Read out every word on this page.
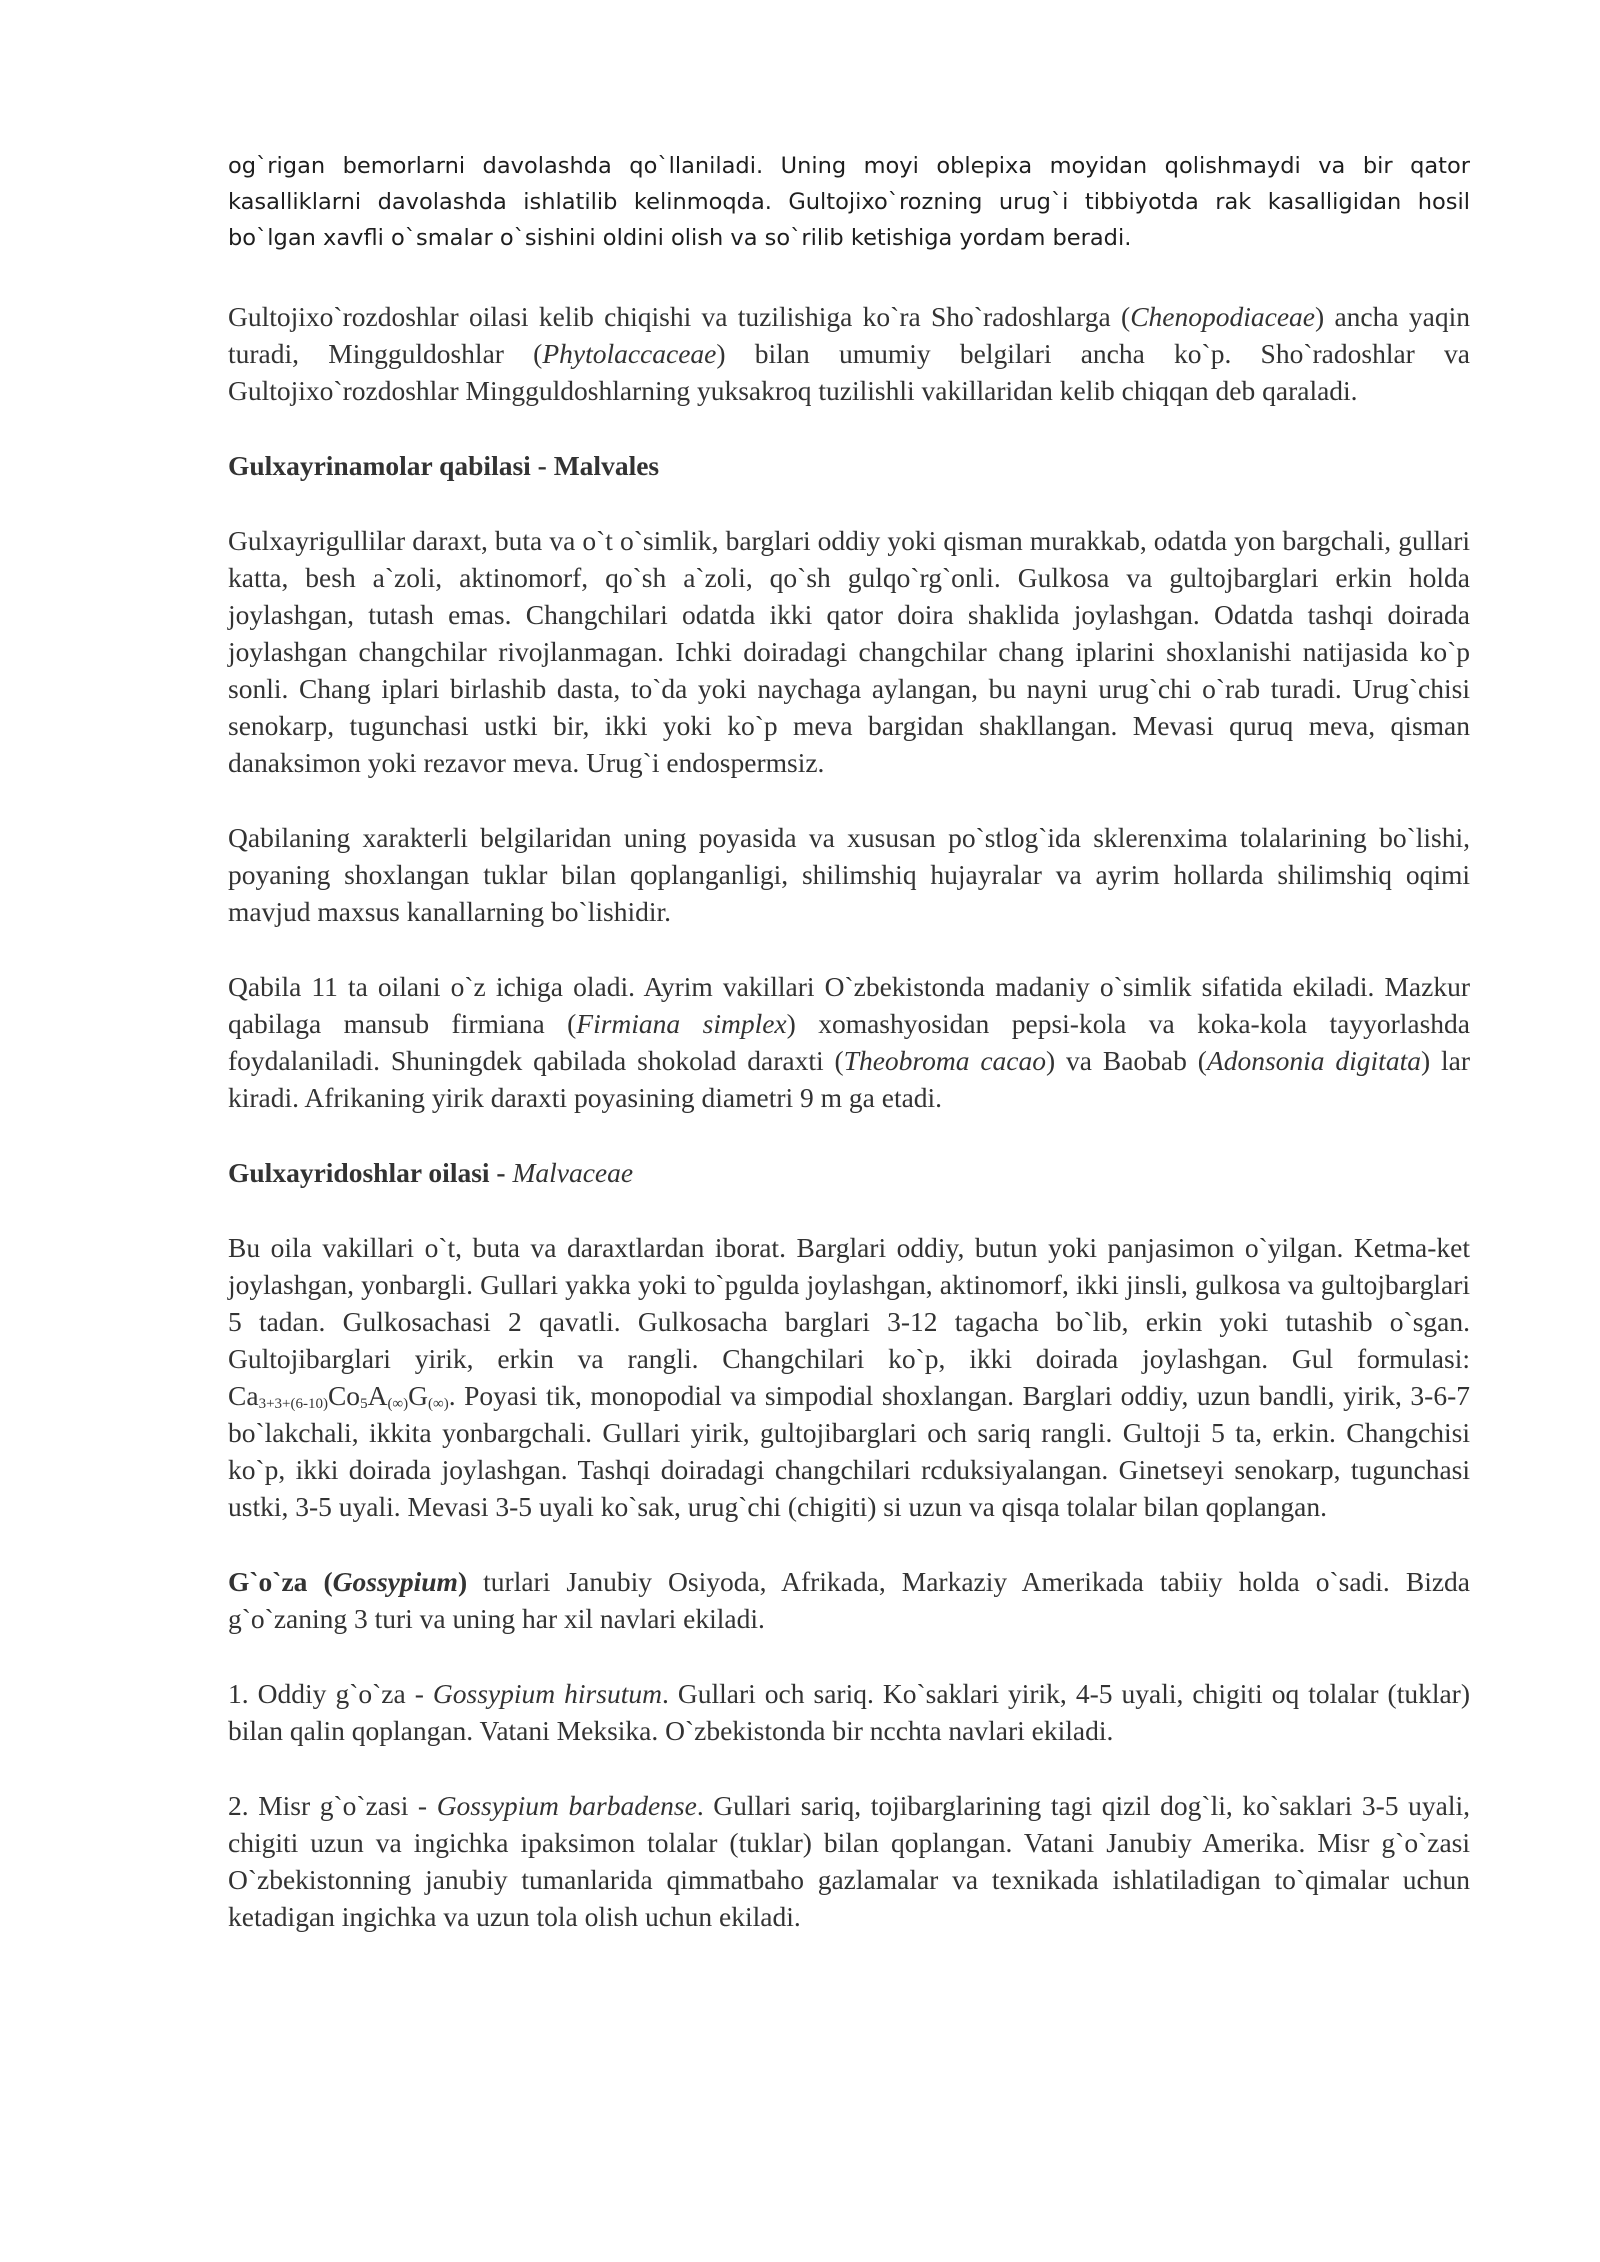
og`rigan bemorlarni davolashda qo`llaniladi. Uning moyi oblepixa moyidan qolishmaydi va bir qator kasalliklarni davolashda ishlatilib kelinmoqda. Gultojixo`rozning urug`i tibbiyotda rak kasalligidan hosil bo`lgan xavfli o`smalar o`sishini oldini olish va so`rilib ketishiga yordam beradi.

Gultojixo`rozdoshlar oilasi kelib chiqishi va tuzilishiga ko`ra Sho`radoshlarga (Chenopodiaceae) ancha yaqin turadi, Mingguldoshlar (Phytolaccaceae) bilan umumiy belgilari ancha ko`p. Sho`radoshlar va Gultojixo`rozdoshlar Mingguldoshlarning yuksakroq tuzilishli vakillaridan kelib chiqqan deb qaraladi.

Gulxayrinamolar qabilasi - Malvales

Gulxayrigullilar daraxt, buta va o`t o`simlik, barglari oddiy yoki qisman murakkab, odatda yon bargchali, gullari katta, besh a`zoli, aktinomorf, qo`sh a`zoli, qo`sh gulqo`rg`onli. Gulkosa va gultojbarglari erkin holda joylashgan, tutash emas. Changchilari odatda ikki qator doira shaklida joylashgan. Odatda tashqi doirada joylashgan changchilar rivojlanmagan. Ichki doiradagi changchilar chang iplarini shoxlanishi natijasida ko`p sonli. Chang iplari birlashib dasta, to`da yoki naychaga aylangan, bu nayni urug`chi o`rab turadi. Urug`chisi senokarp, tugunchasi ustki bir, ikki yoki ko`p meva bargidan shakllangan. Mevasi quruq meva, qisman danaksimon yoki rezavor meva. Urug`i endospermsiz.

Qabilaning xarakterli belgilaridan uning poyasida va xususan po`stlog`ida sklerenxima tolalarining bo`lishi, poyaning shoxlangan tuklar bilan qoplanganligi, shilimshiq hujayralar va ayrim hollarda shilimshiq oqimi mavjud maxsus kanallarning bo`lishidir.

Qabila 11 ta oilani o`z ichiga oladi. Ayrim vakillari O`zbekistonda madaniy o`simlik sifatida ekiladi. Mazkur qabilaga mansub firmiana (Firmiana simplex) xomashyosidan pepsi-kola va koka-kola tayyorlashda foydalaniladi. Shuningdek qabilada shokolad daraxti (Theobroma cacao) va Baobab (Adonsonia digitata) lar kiradi. Afrikaning yirik daraxti poyasining diametri 9 m ga etadi.

Gulxayridoshlar oilasi - Malvaceae

Bu oila vakillari o`t, buta va daraxtlardan iborat. Barglari oddiy, butun yoki panjasimon o`yilgan. Ketma-ket joylashgan, yonbargli. Gullari yakka yoki to`pgulda joylashgan, aktinomorf, ikki jinsli, gulkosa va gultojbarglari 5 tadan. Gulkosachasi 2 qavatli. Gulkosacha barglari 3-12 tagacha bo`lib, erkin yoki tutashib o`sgan. Gultojibarglari yirik, erkin va rangli. Changchilari ko`p, ikki doirada joylashgan. Gul formulasi: $Ca_{3+3+(6-10)}Co_5A_{(\infty)}G_{(\infty)}$. Poyasi tik, monopodial va simpodial shoxlangan. Barglari oddiy, uzun bandli, yirik, 3-6-7 bo`lakchali, ikkita yonbargchali. Gullari yirik, gultojibarglari och sariq rangli. Gultoji 5 ta, erkin. Changchisi ko`p, ikki doirada joylashgan. Tashqi doiradagi changchilari rcduksiyalangan. Ginetseyi senokarp, tugunchasi ustki, 3-5 uyali. Mevasi 3-5 uyali ko`sak, urug`chi (chigiti) si uzun va qisqa tolalar bilan qoplangan.

G`o`za (Gossypium) turlari Janubiy Osiyoda, Afrikada, Markaziy Amerikada tabiiy holda o`sadi. Bizda g`o`zaning 3 turi va uning har xil navlari ekiladi.

1. Oddiy g`o`za - Gossypium hirsutum. Gullari och sariq. Ko`saklari yirik, 4-5 uyali, chigiti oq tolalar (tuklar) bilan qalin qoplangan. Vatani Meksika. O`zbekistonda bir ncchta navlari ekiladi.

2. Misr g`o`zasi - Gossypium barbadense. Gullari sariq, tojibarglarining tagi qizil dog`li, ko`saklari 3-5 uyali, chigiti uzun va ingichka ipaksimon tolalar (tuklar) bilan qoplangan. Vatani Janubiy Amerika. Misr g`o`zasi O`zbekistonning janubiy tumanlarida qimmatbaho gazlamalar va texnikada ishlatiladigan to`qimalar uchun ketadigan ingichka va uzun tola olish uchun ekiladi.
